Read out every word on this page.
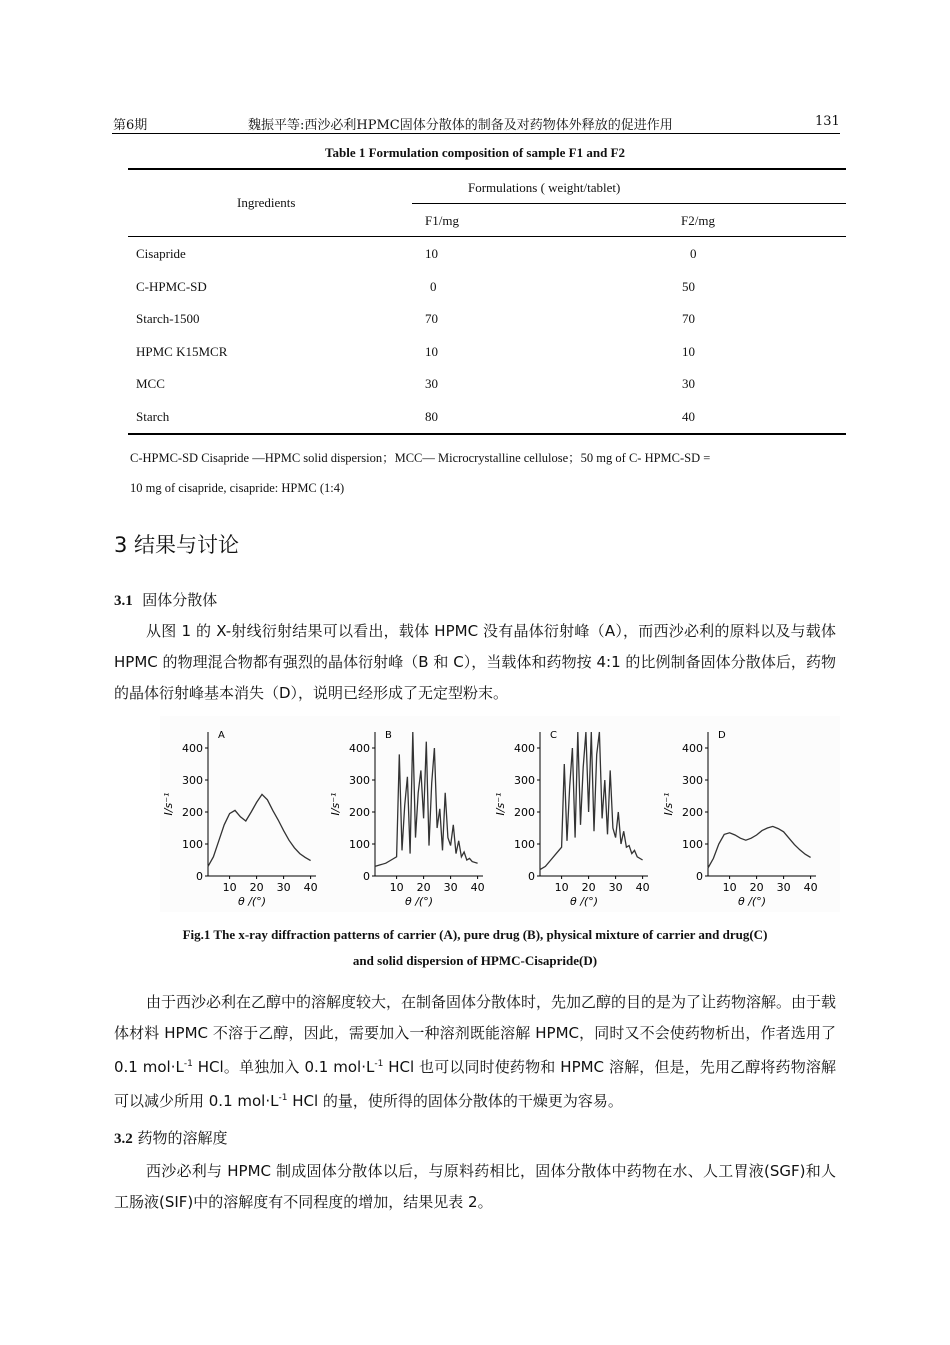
第6期	魏振平等:西沙必利HPMC固体分散体的制备及对药物体外释放的促进作用	131
Table 1 Formulation composition of sample F1 and F2
Ingredients
Formulations ( weight/tablet)
F1/mg	F2/mg
Cisapride	10	0
C-HPMC-SD	0	50
Starch-1500	70	70
HPMC K15MCR	10	10
MCC	30	30
Starch	80	40
C-HPMC-SD Cisapride —HPMC solid dispersion；MCC— Microcrystalline cellulose；50 mg of C- HPMC-SD =
10 mg of cisapride, cisapride: HPMC (1:4)
3 结果与讨论
3.1 固体分散体

从图 1 的 X-射线衍射结果可以看出，载体 HPMC 没有晶体衍射峰（A），而西沙必利的原料以及与载体 HPMC 的物理混合物都有强烈的晶体衍射峰（B 和 C），当载体和药物按 4:1 的比例制备固体分散体后，药物的晶体衍射峰基本消失（D），说明已经形成了无定型粉末。

0
100
200
300
400
10 20 30 40
A
θ /(°)
I/s⁻¹
0
100
200
300
400
10 20 30 40
B
θ /(°)
I/s⁻¹
0
100
200
300
400
10 20 30 40
C
θ /(°)
I/s⁻¹
0
100
200
300
400
10 20 30 40
D
θ /(°)
I/s⁻¹
Fig.1 The x-ray diffraction patterns of carrier (A), pure drug (B), physical mixture of carrier and drug(C)
and solid dispersion of HPMC-Cisapride(D)

由于西沙必利在乙醇中的溶解度较大，在制备固体分散体时，先加乙醇的目的是为了让药物溶解。由于载体材料 HPMC 不溶于乙醇，因此，需要加入一种溶剂既能溶解 HPMC，同时又不会使药物析出，作者选用了 0.1 $mol\cdot L^{-1}$ HCl。单独加入 0.1 $mol\cdot L^{-1}$ HCl 也可以同时使药物和 HPMC 溶解，但是，先用乙醇将药物溶解可以减少所用 0.1 $mol\cdot L^{-1}$ HCl 的量，使所得的固体分散体的干燥更为容易。

3.2 药物的溶解度

西沙必利与 HPMC 制成固体分散体以后，与原料药相比，固体分散体中药物在水、人工胃液(SGF)和人工肠液(SIF)中的溶解度有不同程度的增加，结果见表 2。
